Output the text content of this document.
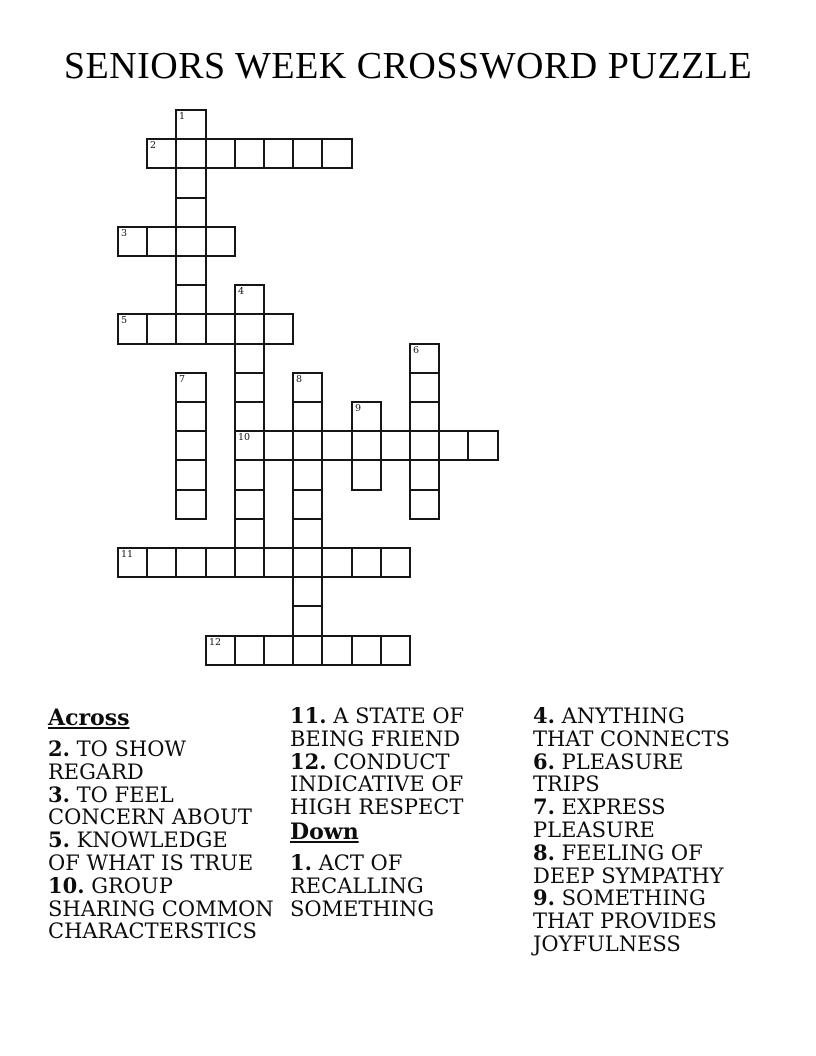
SENIORS WEEK CROSSWORD PUZZLE
1
2
3
4
10
5
6
7	8
9
11
12
Across
2. TO SHOW
REGARD
3. TO FEEL
CONCERN ABOUT
5. KNOWLEDGE
OF WHAT IS TRUE
10. GROUP
SHARING COMMON
CHARACTERSTICS
11. A STATE OF
BEING FRIEND
12. CONDUCT
INDICATIVE OF
HIGH RESPECT
Down
1. ACT OF
RECALLING
SOMETHING
4. ANYTHING
THAT CONNECTS
6. PLEASURE
TRIPS
7. EXPRESS
PLEASURE
8. FEELING OF
DEEP SYMPATHY
9. SOMETHING
THAT PROVIDES
JOYFULNESS
